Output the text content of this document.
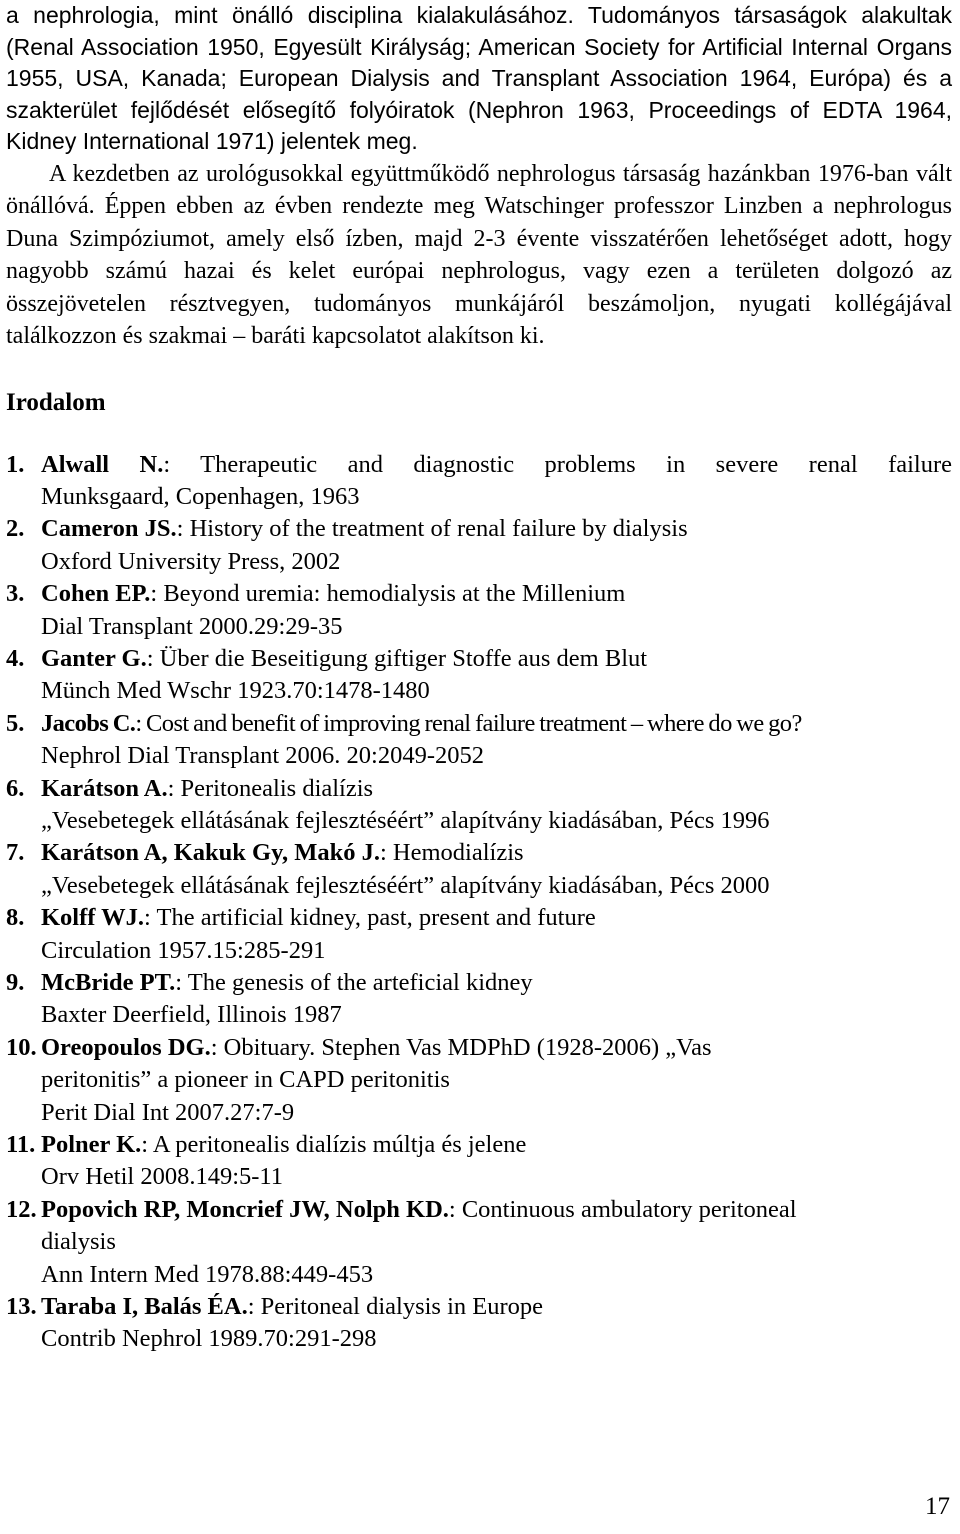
a nephrologia, mint önálló disciplina kialakulásához. Tudományos társaságok alakultak (Renal Association 1950, Egyesült Királyság; American Society for Artificial Internal Organs 1955, USA, Kanada; European Dialysis and Transplant Association 1964, Európa) és a szakterület fejlődését elősegítő folyóiratok (Nephron 1963, Proceedings of EDTA 1964, Kidney International 1971) jelentek meg.

A kezdetben az urológusokkal együttműködő nephrologus társaság hazánkban 1976-ban vált önállóvá. Éppen ebben az évben rendezte meg Watschinger professzor Linzben a nephrologus Duna Szimpóziumot, amely első ízben, majd 2-3 évente visszatérően lehetőséget adott, hogy nagyobb számú hazai és kelet európai nephrologus, vagy ezen a területen dolgozó az összejövetelen résztvegyen, tudományos munkájáról beszámoljon, nyugati kollégájával találkozzon és szakmai – baráti kapcsolatot alakítson ki.

Irodalom
1. Alwall N.: Therapeutic and diagnostic problems in severe renal failure
Munksgaard, Copenhagen, 1963
2. Cameron JS.: History of the treatment of renal failure by dialysis
Oxford University Press, 2002
3. Cohen EP.: Beyond uremia: hemodialysis at the Millenium
Dial Transplant 2000.29:29-35
4. Ganter G.: Über die Beseitigung giftiger Stoffe aus dem Blut
Münch Med Wschr 1923.70:1478-1480
5. Jacobs C.: Cost and benefit of improving renal failure treatment – where do we go?
Nephrol Dial Transplant 2006. 20:2049-2052
6. Karátson A.: Peritonealis dialízis
„Vesebetegek ellátásának fejlesztéséért” alapítvány kiadásában, Pécs 1996
7. Karátson A, Kakuk Gy, Makó J.: Hemodialízis
„Vesebetegek ellátásának fejlesztéséért” alapítvány kiadásában, Pécs 2000
8. Kolff WJ.: The artificial kidney, past, present and future
Circulation 1957.15:285-291
9. McBride PT.: The genesis of the arteficial kidney
Baxter Deerfield, Illinois 1987
10. Oreopoulos DG.: Obituary. Stephen Vas MDPhD (1928-2006) „Vas
peritonitis” a pioneer in CAPD peritonitis
Perit Dial Int 2007.27:7-9
11. Polner K.: A peritonealis dialízis múltja és jelene
Orv Hetil 2008.149:5-11
12. Popovich RP, Moncrief JW, Nolph KD.: Continuous ambulatory peritoneal
dialysis
Ann Intern Med 1978.88:449-453
13. Taraba I, Balás ÉA.: Peritoneal dialysis in Europe
Contrib Nephrol 1989.70:291-298
17
